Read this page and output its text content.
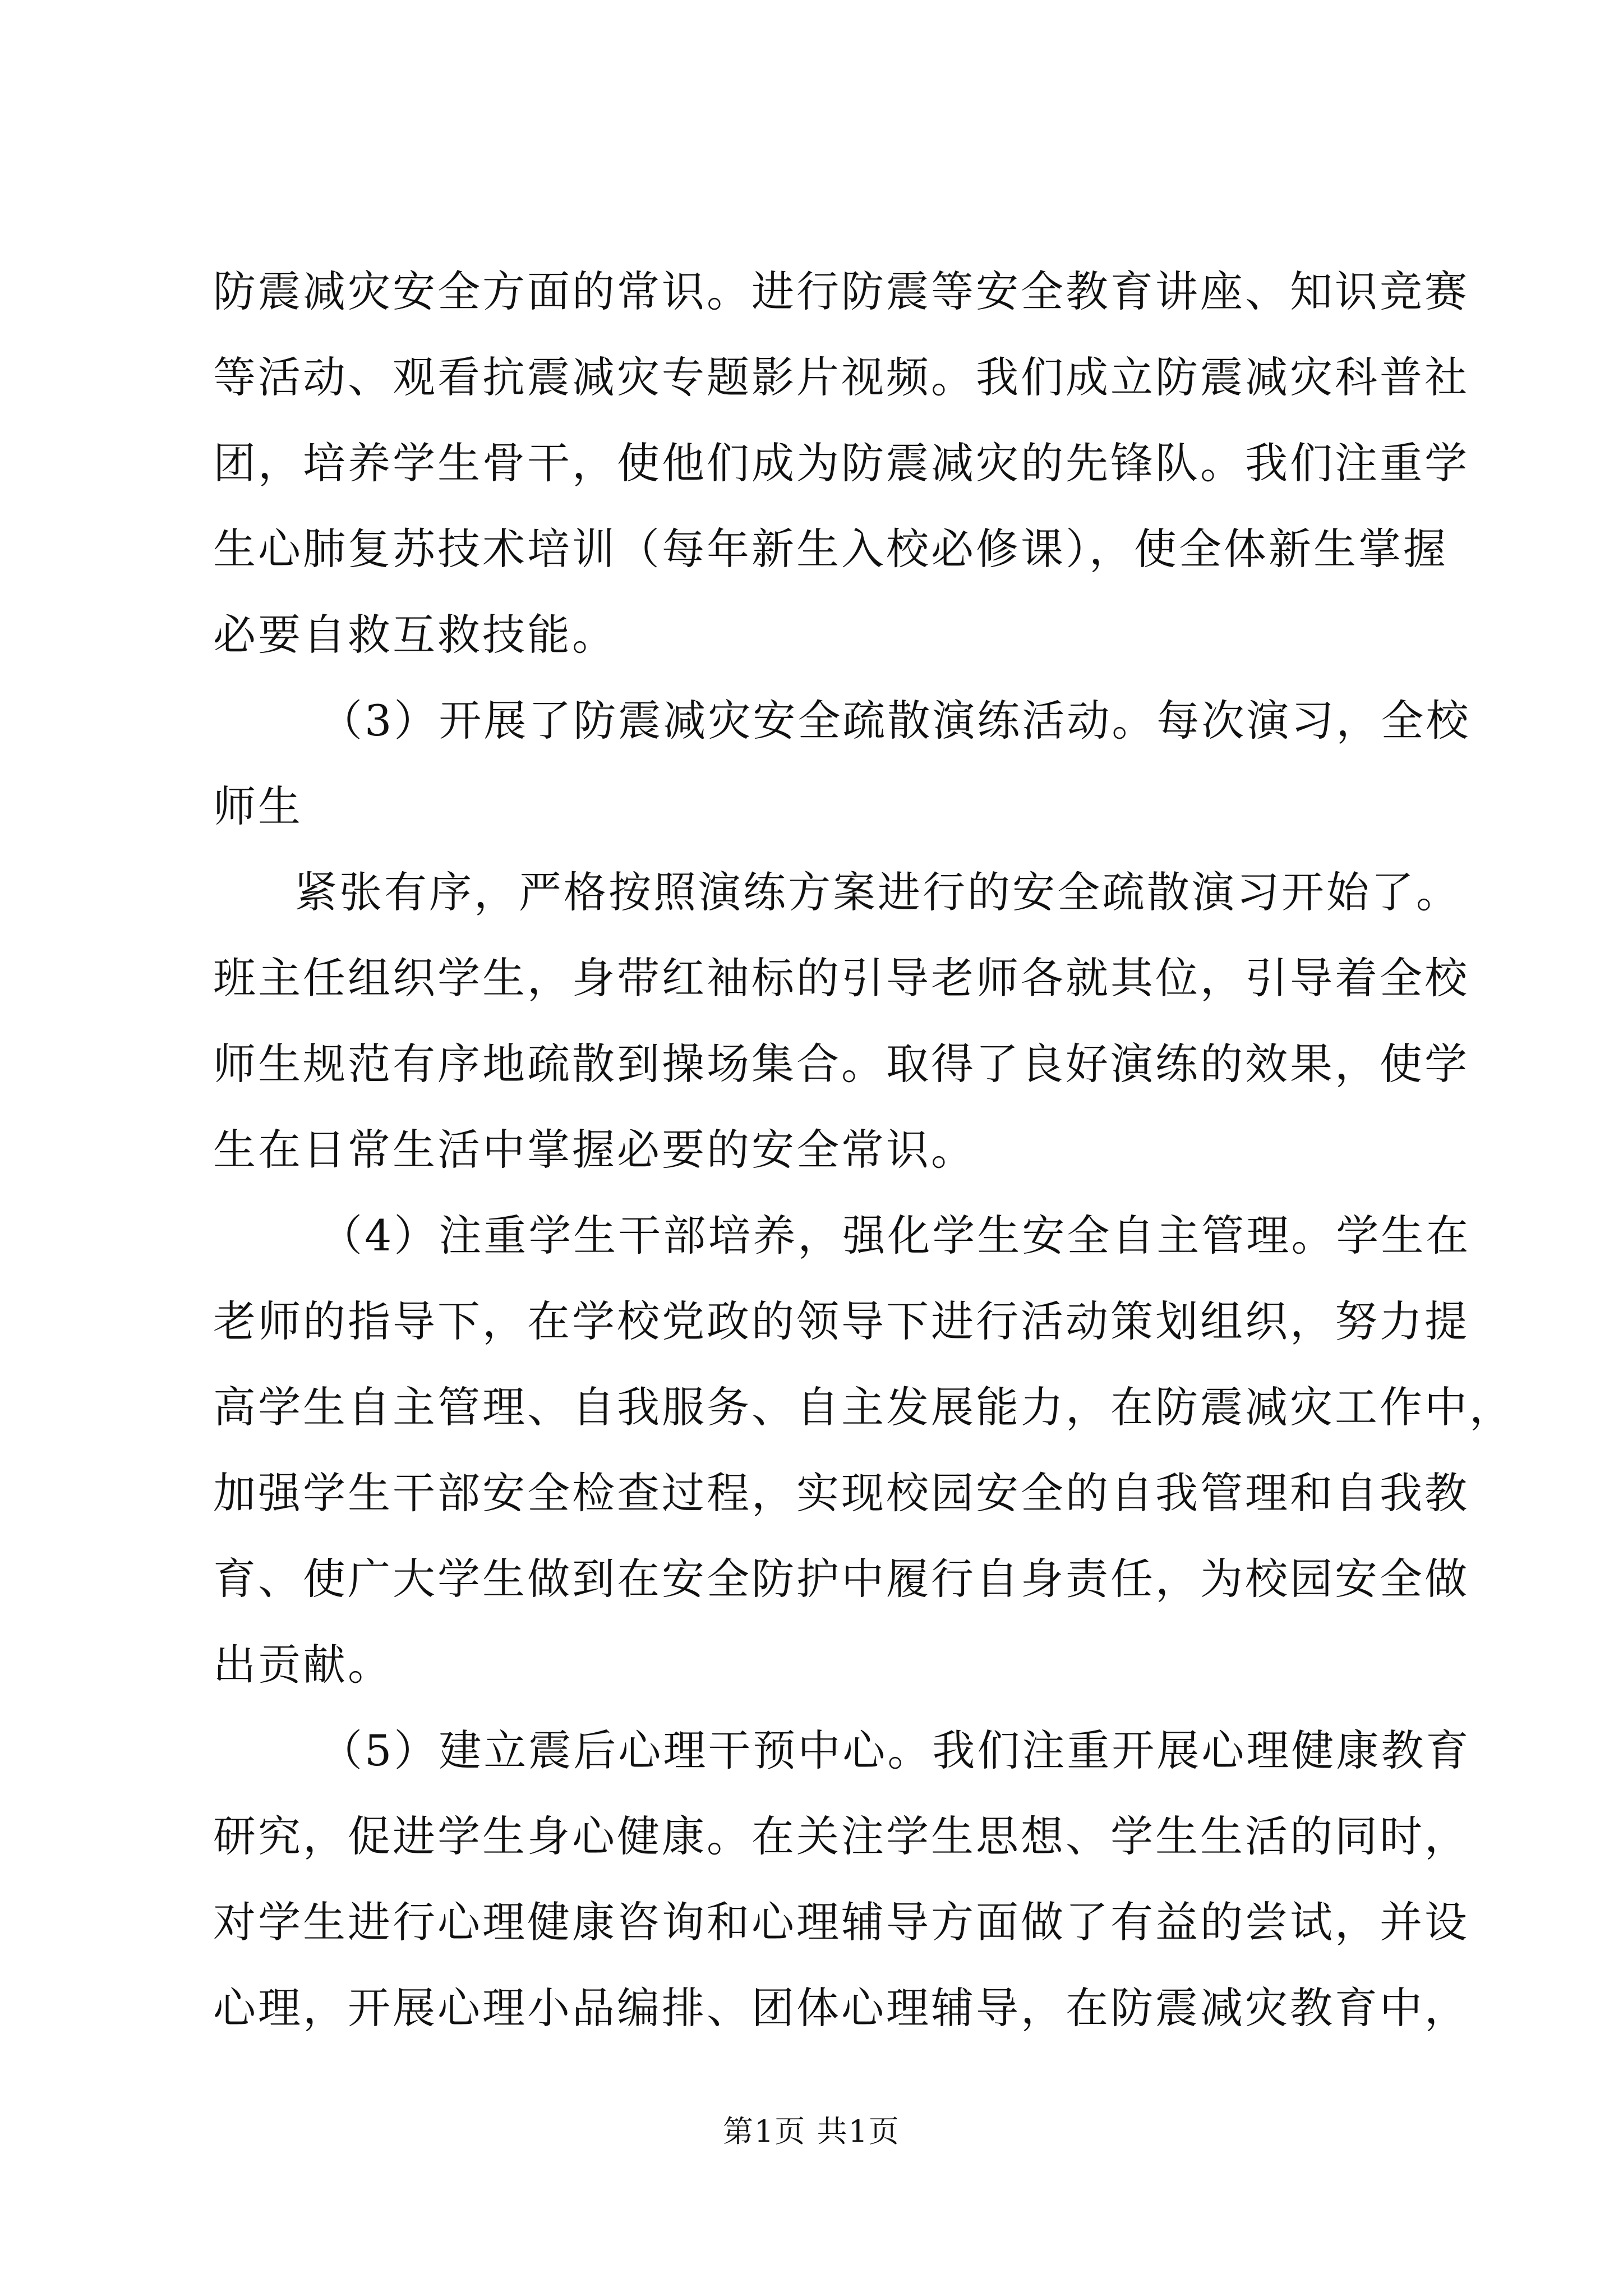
防震减灾安全方面的常识。进行防震等安全教育讲座、知识竞赛
等活动、观看抗震减灾专题影片视频。我们成立防震减灾科普社
团，培养学生骨干，使他们成为防震减灾的先锋队。我们注重学
生心肺复苏技术培训（每年新生入校必修课），使全体新生掌握
必要自救互救技能。
（3）开展了防震减灾安全疏散演练活动。每次演习，全校
师生
紧张有序，严格按照演练方案进行的安全疏散演习开始了。
班主任组织学生，身带红袖标的引导老师各就其位，引导着全校
师生规范有序地疏散到操场集合。取得了良好演练的效果，使学
生在日常生活中掌握必要的安全常识。
（4）注重学生干部培养，强化学生安全自主管理。学生在
老师的指导下，在学校党政的领导下进行活动策划组织，努力提
高学生自主管理、自我服务、自主发展能力，在防震减灾工作中，
加强学生干部安全检查过程，实现校园安全的自我管理和自我教
育、使广大学生做到在安全防护中履行自身责任，为校园安全做
出贡献。
（5）建立震后心理干预中心。我们注重开展心理健康教育
研究，促进学生身心健康。在关注学生思想、学生生活的同时，
对学生进行心理健康咨询和心理辅导方面做了有益的尝试，并设
心理，开展心理小品编排、团体心理辅导，在防震减灾教育中，
第1页 共1页
